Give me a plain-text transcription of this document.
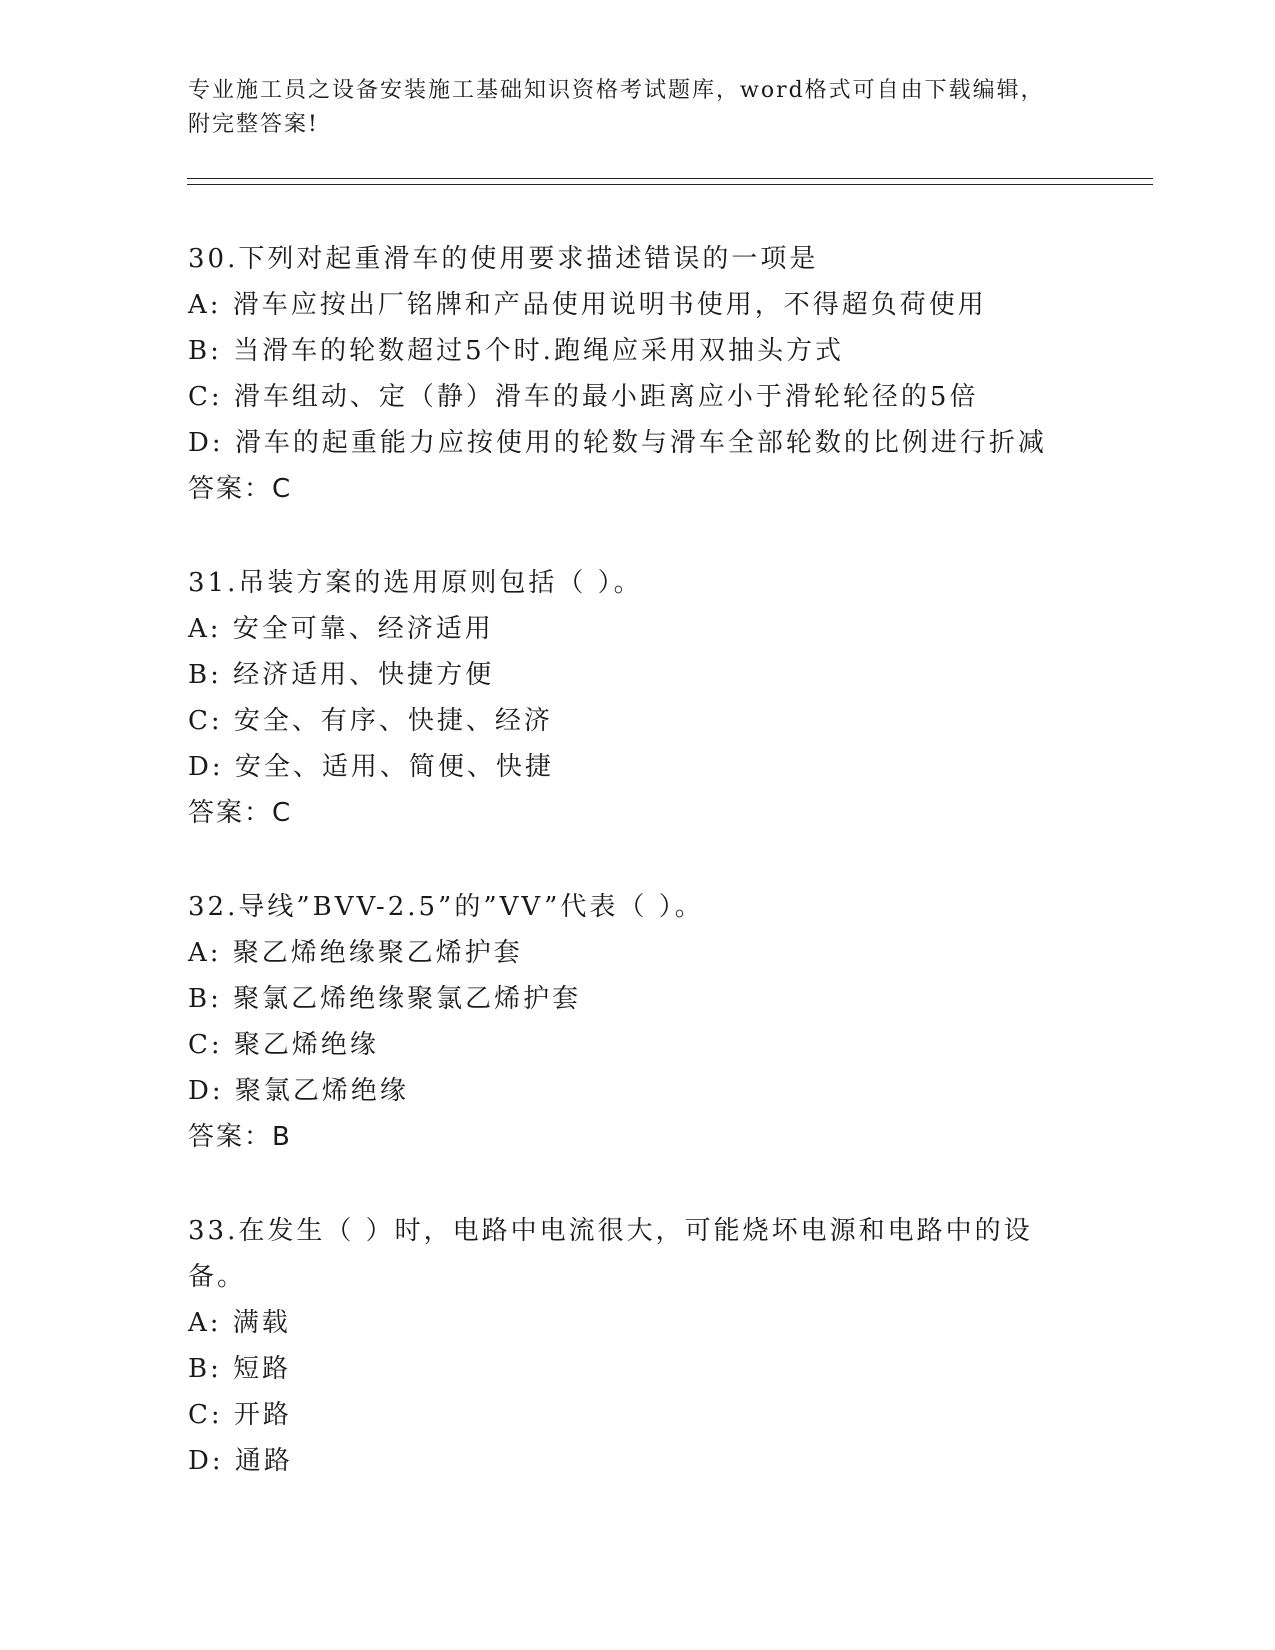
专业施工员之设备安装施工基础知识资格考试题库，word格式可自由下载编辑，
附完整答案!
30.下列对起重滑车的使用要求描述错误的一项是
A: 滑车应按出厂铭牌和产品使用说明书使用，不得超负荷使用
B: 当滑车的轮数超过5个时.跑绳应采用双抽头方式
C: 滑车组动、定（静）滑车的最小距离应小于滑轮轮径的5倍
D: 滑车的起重能力应按使用的轮数与滑车全部轮数的比例进行折减
答案：C
31.吊装方案的选用原则包括（ ）。
A: 安全可靠、经济适用
B: 经济适用、快捷方便
C: 安全、有序、快捷、经济
D: 安全、适用、简便、快捷
答案：C
32.导线”BVV-2.5”的”VV”代表（ ）。
A: 聚乙烯绝缘聚乙烯护套
B: 聚氯乙烯绝缘聚氯乙烯护套
C: 聚乙烯绝缘
D: 聚氯乙烯绝缘
答案：B
33.在发生（ ）时，电路中电流很大，可能烧坏电源和电路中的设备。
A: 满载
B: 短路
C: 开路
D: 通路
